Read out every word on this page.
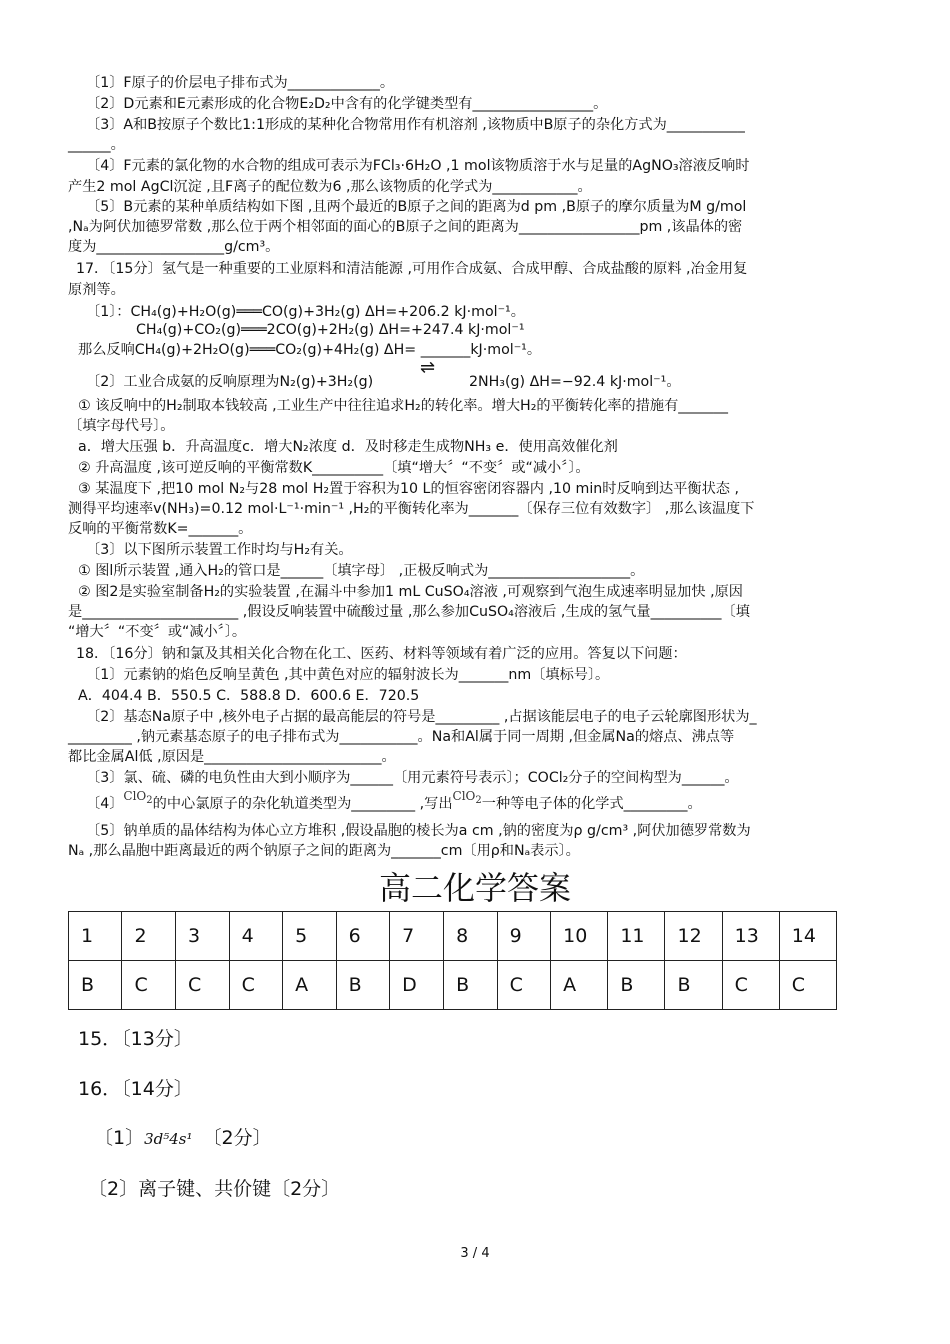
〔1〕F原子的价层电子排布式为_____________。
〔2〕D元素和E元素形成的化合物E₂D₂中含有的化学键类型有_________________。
〔3〕A和B按原子个数比1:1形成的某种化合物常用作有机溶剂 ,该物质中B原子的杂化方式为___________
______。
〔4〕F元素的氯化物的水合物的组成可表示为FCl₃·6H₂O ,1 mol该物质溶于水与足量的AgNO₃溶液反响时
产生2 mol AgCl沉淀 ,且F离子的配位数为6 ,那么该物质的化学式为____________。
〔5〕B元素的某种单质结构如下图 ,且两个最近的B原子之间的距离为d pm ,B原子的摩尔质量为M g/mol
,Nₐ为阿伏加德罗常数 ,那么位于两个相邻面的面心的B原子之间的距离为_________________pm ,该晶体的密
度为__________________g/cm³。
17．〔15分〕氢气是一种重要的工业原料和清洁能源 ,可用作合成氨、合成甲醇、合成盐酸的原料 ,冶金用复
原剂等。
〔1〕：CH₄(g)+H₂O(g)═══CO(g)+3H₂(g) ΔH=+206.2 kJ·mol⁻¹。
CH₄(g)+CO₂(g)═══2CO(g)+2H₂(g) ΔH=+247.4 kJ·mol⁻¹
那么反响CH₄(g)+2H₂O(g)═══CO₂(g)+4H₂(g) ΔH= _______kJ·mol⁻¹。
〔2〕工业合成氨的反响原理为N₂(g)+3H₂(g)
⇌
2NH₃(g) ΔH=−92.4 kJ·mol⁻¹。
① 该反响中的H₂制取本钱较高 ,工业生产中往往追求H₂的转化率。增大H₂的平衡转化率的措施有_______
〔填字母代号〕。
a．增大压强 b．升高温度c．增大N₂浓度 d．及时移走生成物NH₃ e．使用高效催化剂
② 升高温度 ,该可逆反响的平衡常数K__________〔填“增大〞“不变〞或“减小〞〕。
③ 某温度下 ,把10 mol N₂与28 mol H₂置于容积为10 L的恒容密闭容器内 ,10 min时反响到达平衡状态 ,
测得平均速率v(NH₃)=0.12 mol·L⁻¹·min⁻¹ ,H₂的平衡转化率为_______〔保存三位有效数字〕 ,那么该温度下
反响的平衡常数K=_______。
〔3〕以下图所示装置工作时均与H₂有关。
① 图l所示装置 ,通入H₂的管口是______〔填字母〕 ,正极反响式为____________________。
② 图2是实验室制备H₂的实验装置 ,在漏斗中参加1 mL CuSO₄溶液 ,可观察到气泡生成速率明显加快 ,原因
是______________________ ,假设反响装置中硫酸过量 ,那么参加CuSO₄溶液后 ,生成的氢气量__________〔填
“增大〞“不变〞或“减小〞〕。
18．〔16分〕钠和氯及其相关化合物在化工、医药、材料等领域有着广泛的应用。答复以下问题：
〔1〕元素钠的焰色反响呈黄色 ,其中黄色对应的辐射波长为_______nm〔填标号〕。
A．404.4 B．550.5 C．588.8 D．600.6 E．720.5
〔2〕基态Na原子中 ,核外电子占据的最高能层的符号是_________ ,占据该能层电子的电子云轮廓图形状为_
_________ ,钠元素基态原子的电子排布式为___________。Na和Al属于同一周期 ,但金属Na的熔点、沸点等
都比金属Al低 ,原因是_________________________。
〔3〕氯、硫、磷的电负性由大到小顺序为______〔用元素符号表示〕；COCl₂分子的空间构型为______。
〔4〕$^{ClO_2}$的中心氯原子的杂化轨道类型为_________ ,写出$^{ClO_2}$一种等电子体的化学式_________。
〔5〕钠单质的晶体结构为体心立方堆积 ,假设晶胞的棱长为a cm ,钠的密度为ρ g/cm³ ,阿伏加德罗常数为
Nₐ ,那么晶胞中距离最近的两个钠原子之间的距离为_______cm〔用ρ和Nₐ表示〕。
高二化学答案
1	2	3	4	5	6	7	8	9	10	11	12	13	14
B	C	C	C	A	B	D	B	C	A	B	B	C	C
15．〔13分〕
16．〔14分〕
〔1〕3d⁵4s¹ 〔2分〕
〔2〕离子键、共价键〔2分〕
3 / 4
